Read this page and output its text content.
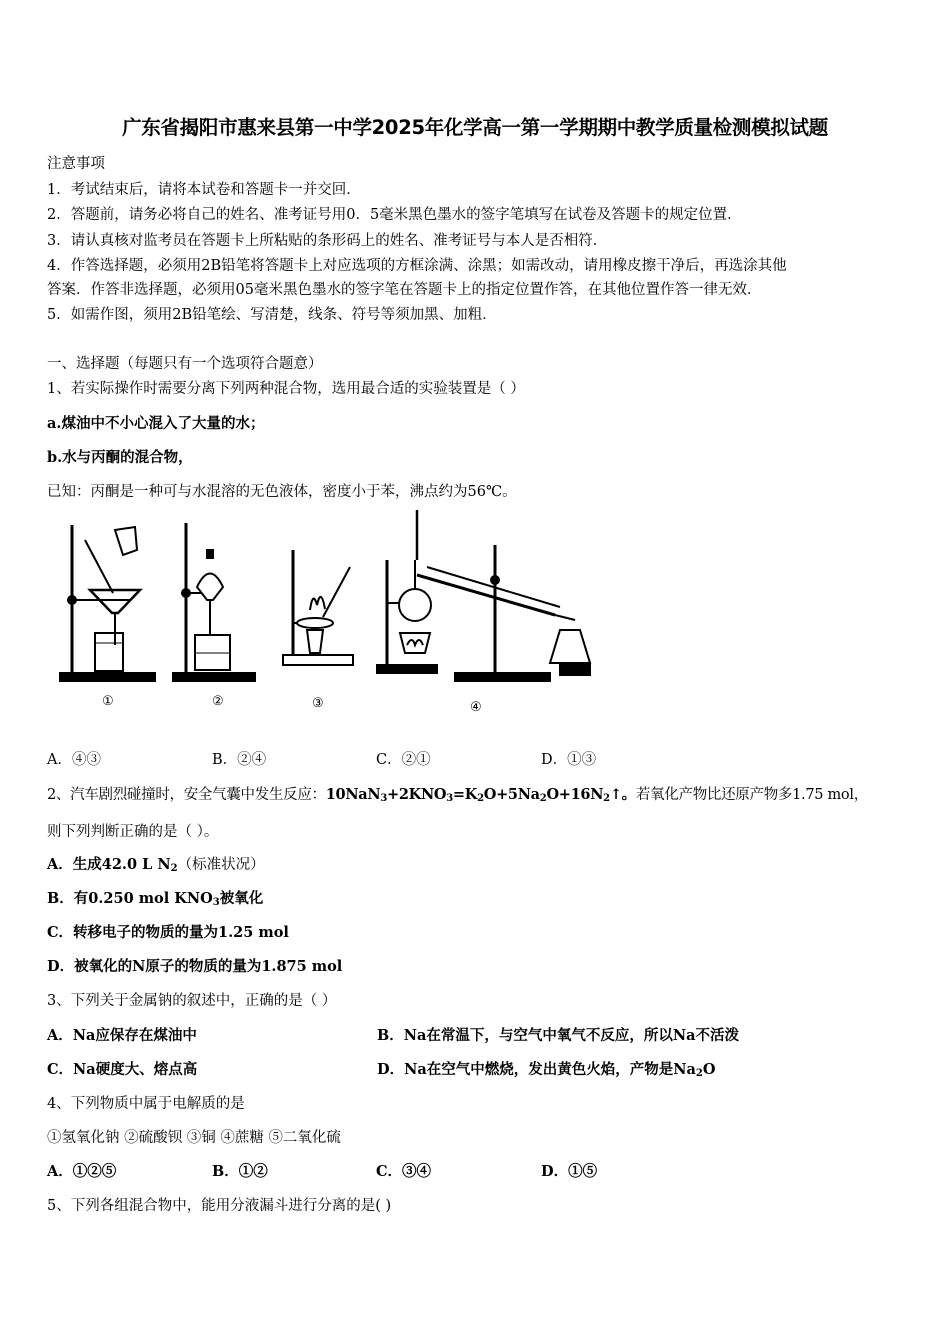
广东省揭阳市惠来县第一中学2025年化学高一第一学期期中教学质量检测模拟试题
注意事项
1．考试结束后，请将本试卷和答题卡一并交回．
2．答题前，请务必将自己的姓名、准考证号用0．5毫米黑色墨水的签字笔填写在试卷及答题卡的规定位置．
3．请认真核对监考员在答题卡上所粘贴的条形码上的姓名、准考证号与本人是否相符．
4．作答选择题，必须用2B铅笔将答题卡上对应选项的方框涂满、涂黑；如需改动，请用橡皮擦干净后，再选涂其他
答案．作答非选择题，必须用05毫米黑色墨水的签字笔在答题卡上的指定位置作答，在其他位置作答一律无效．
5．如需作图，须用2B铅笔绘、写清楚，线条、符号等须加黑、加粗．
一、选择题（每题只有一个选项符合题意）
1、若实际操作时需要分离下列两种混合物，选用最合适的实验装置是（ ）
a.煤油中不小心混入了大量的水；
b.水与丙酮的混合物，
已知：丙酮是一种可与水混溶的无色液体，密度小于苯，沸点约为56℃。
①	②	③	④
A．④③	B．②④	C．②①	D．①③
2、汽车剧烈碰撞时，安全气囊中发生反应：$10NaN_3+2KNO_3=K_2O+5Na_2O+16N_2↑$。若氧化产物比还原产物多1.75 mol，
则下列判断正确的是（ ）。
A．生成42.0 L $N_2$（标准状况）
B．有0.250 mol $KNO_3$被氧化
C．转移电子的物质的量为1.25 mol
D．被氧化的N原子的物质的量为1.875 mol
3、下列关于金属钠的叙述中，正确的是（ ）
A．Na应保存在煤油中	B．Na在常温下，与空气中氧气不反应，所以Na不活泼
C．Na硬度大、熔点高	D．Na在空气中燃烧，发出黄色火焰，产物是$Na_2O$
4、下列物质中属于电解质的是
①氢氧化钠 ②硫酸钡 ③铜 ④蔗糖 ⑤二氧化硫
A．①②⑤	B．①②	C．③④	D．①⑤
5、下列各组混合物中，能用分液漏斗进行分离的是( )
